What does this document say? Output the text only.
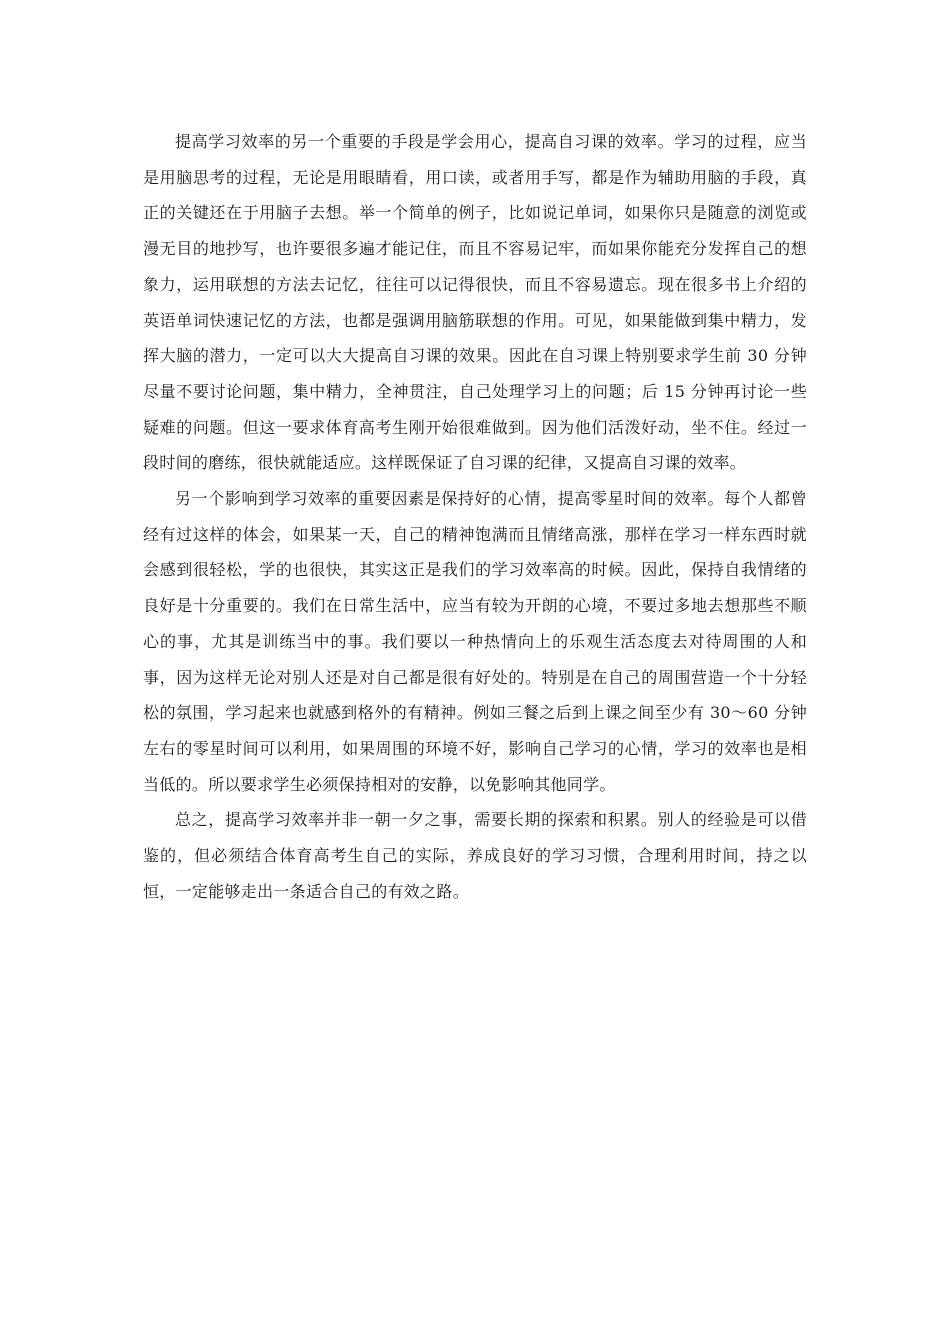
提高学习效率的另一个重要的手段是学会用心，提高自习课的效率。学习的过程，应当是用脑思考的过程，无论是用眼睛看，用口读，或者用手写，都是作为辅助用脑的手段，真正的关键还在于用脑子去想。举一个简单的例子，比如说记单词，如果你只是随意的浏览或漫无目的地抄写，也许要很多遍才能记住，而且不容易记牢，而如果你能充分发挥自己的想象力，运用联想的方法去记忆，往往可以记得很快，而且不容易遗忘。现在很多书上介绍的英语单词快速记忆的方法，也都是强调用脑筋联想的作用。可见，如果能做到集中精力，发挥大脑的潜力，一定可以大大提高自习课的效果。因此在自习课上特别要求学生前 30 分钟尽量不要讨论问题，集中精力，全神贯注，自己处理学习上的问题；后 15 分钟再讨论一些疑难的问题。但这一要求体育高考生刚开始很难做到。因为他们活泼好动，坐不住。经过一段时间的磨练，很快就能适应。这样既保证了自习课的纪律，又提高自习课的效率。

另一个影响到学习效率的重要因素是保持好的心情，提高零星时间的效率。每个人都曾经有过这样的体会，如果某一天，自己的精神饱满而且情绪高涨，那样在学习一样东西时就会感到很轻松，学的也很快，其实这正是我们的学习效率高的时候。因此，保持自我情绪的良好是十分重要的。我们在日常生活中，应当有较为开朗的心境，不要过多地去想那些不顺心的事，尤其是训练当中的事。我们要以一种热情向上的乐观生活态度去对待周围的人和事，因为这样无论对别人还是对自己都是很有好处的。特别是在自己的周围营造一个十分轻松的氛围，学习起来也就感到格外的有精神。例如三餐之后到上课之间至少有 30～60 分钟左右的零星时间可以利用，如果周围的环境不好，影响自己学习的心情，学习的效率也是相当低的。所以要求学生必须保持相对的安静，以免影响其他同学。

总之，提高学习效率并非一朝一夕之事，需要长期的探索和积累。别人的经验是可以借鉴的，但必须结合体育高考生自己的实际，养成良好的学习习惯，合理利用时间，持之以恒，一定能够走出一条适合自己的有效之路。
